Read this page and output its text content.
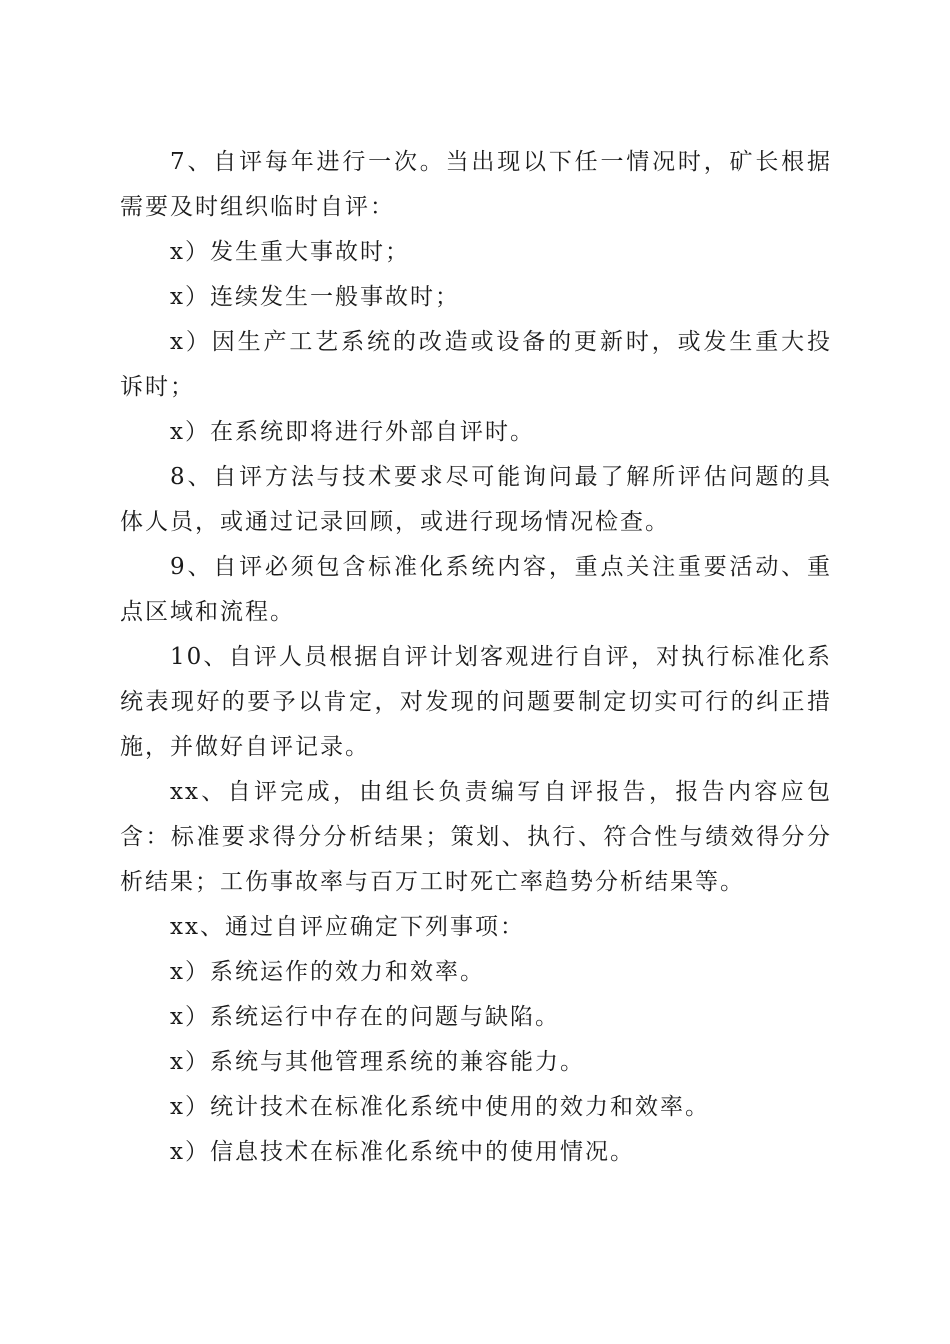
7、自评每年进行一次。当出现以下任一情况时，矿长根据需要及时组织临时自评：

x）发生重大事故时；

x）连续发生一般事故时；

x）因生产工艺系统的改造或设备的更新时，或发生重大投诉时；

x）在系统即将进行外部自评时。

8、自评方法与技术要求尽可能询问最了解所评估问题的具体人员，或通过记录回顾，或进行现场情况检查。

9、自评必须包含标准化系统内容，重点关注重要活动、重点区域和流程。

10、自评人员根据自评计划客观进行自评，对执行标准化系统表现好的要予以肯定，对发现的问题要制定切实可行的纠正措施，并做好自评记录。

xx、自评完成，由组长负责编写自评报告，报告内容应包含：标准要求得分分析结果；策划、执行、符合性与绩效得分分析结果；工伤事故率与百万工时死亡率趋势分析结果等。

xx、通过自评应确定下列事项：

x）系统运作的效力和效率。

x）系统运行中存在的问题与缺陷。

x）系统与其他管理系统的兼容能力。

x）统计技术在标准化系统中使用的效力和效率。

x）信息技术在标准化系统中的使用情况。
